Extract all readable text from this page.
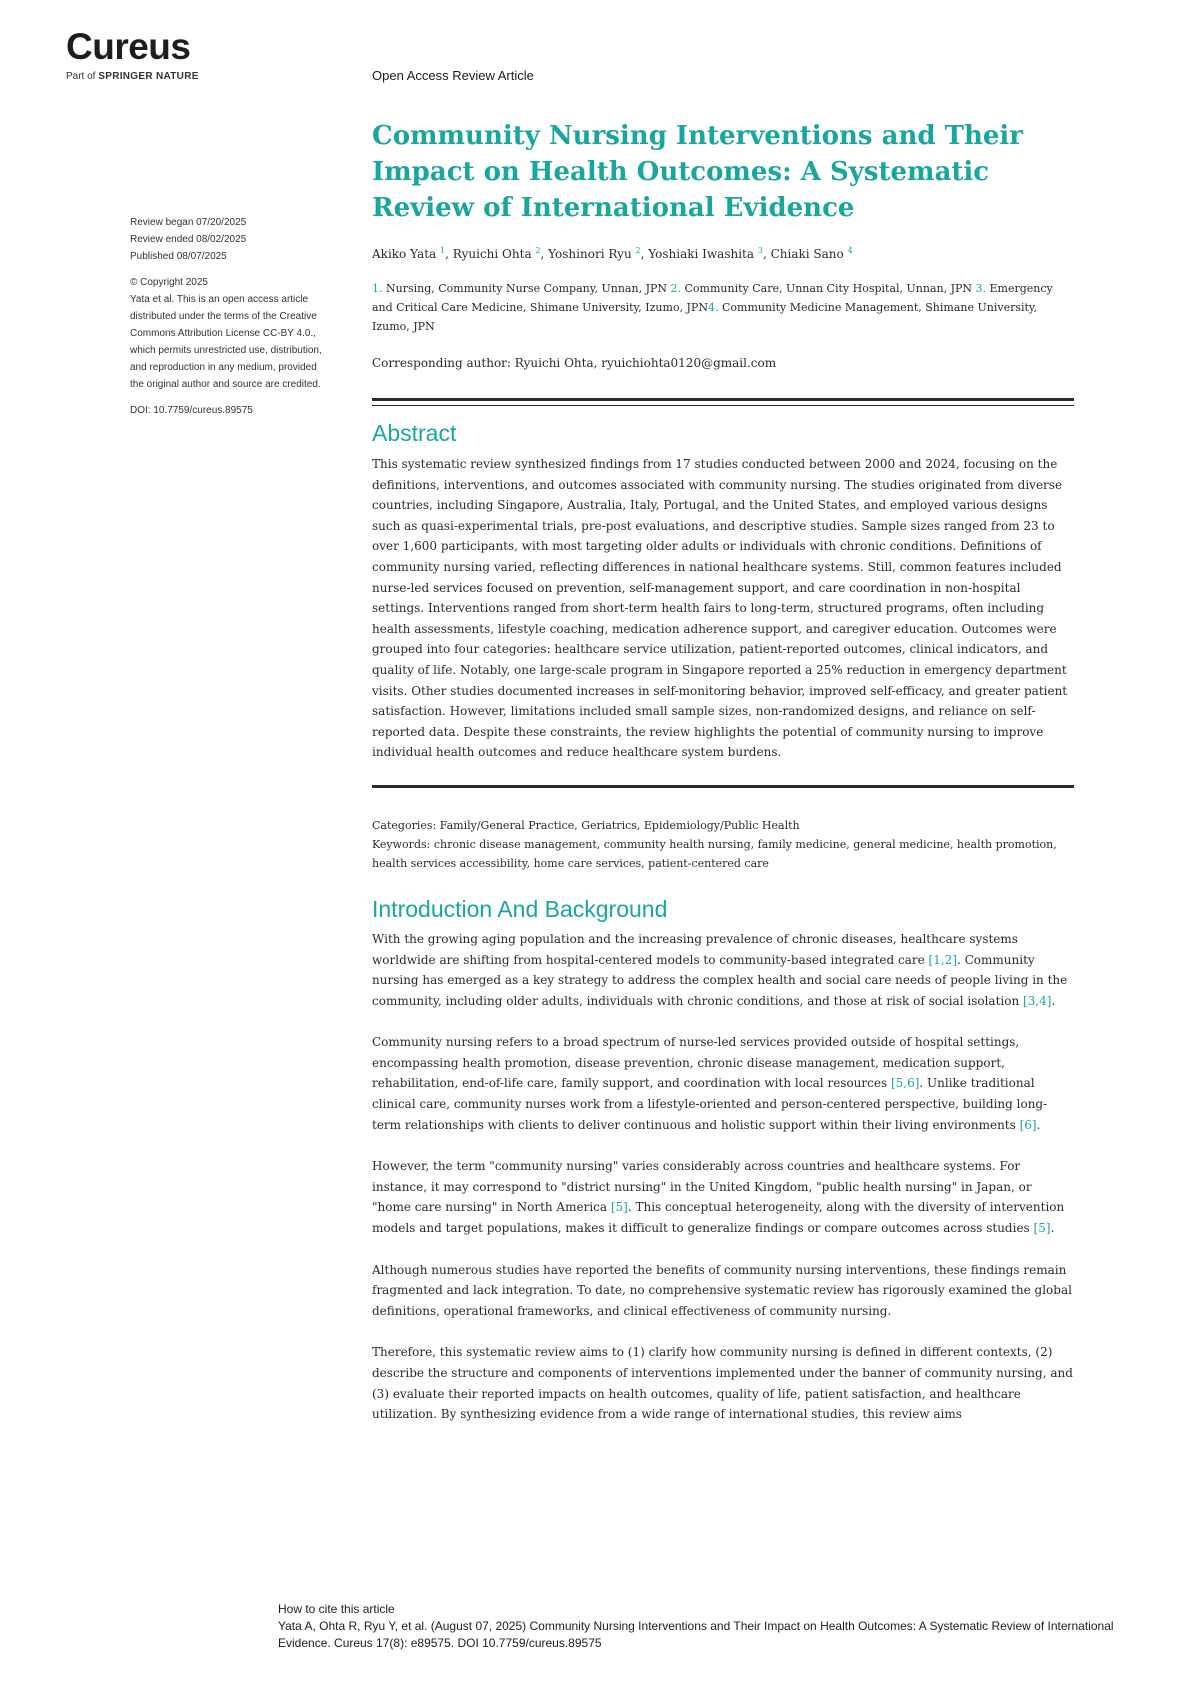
Cureus
Part of SPRINGER NATURE	Open Access Review Article

Review began 07/20/2025

Review ended 08/02/2025

Published 08/07/2025

© Copyright 2025

Yata et al. This is an open access article

distributed under the terms of the Creative

Commons Attribution License CC-BY 4.0.,

which permits unrestricted use, distribution,

and reproduction in any medium, provided

the original author and source are credited.

DOI: 10.7759/cureus.89575

Community Nursing Interventions and Their Impact on Health Outcomes: A Systematic Review of International Evidence
Akiko Yata $^1$, Ryuichi Ohta $^2$, Yoshinori Ryu $^2$, Yoshiaki Iwashita $^3$, Chiaki Sano $^4$
1. Nursing, Community Nurse Company, Unnan, JPN 2. Community Care, Unnan City Hospital, Unnan, JPN 3. Emergency and Critical Care Medicine, Shimane University, Izumo, JPN4. Community Medicine Management, Shimane University, Izumo, JPN
Corresponding author: Ryuichi Ohta, ryuichiohta0120@gmail.com
Abstract

This systematic review synthesized findings from 17 studies conducted between 2000 and 2024, focusing on the definitions, interventions, and outcomes associated with community nursing. The studies originated from diverse countries, including Singapore, Australia, Italy, Portugal, and the United States, and employed various designs such as quasi-experimental trials, pre-post evaluations, and descriptive studies. Sample sizes ranged from 23 to over 1,600 participants, with most targeting older adults or individuals with chronic conditions. Definitions of community nursing varied, reflecting differences in national healthcare systems. Still, common features included nurse-led services focused on prevention, self-management support, and care coordination in non-hospital settings. Interventions ranged from short-term health fairs to long-term, structured programs, often including health assessments, lifestyle coaching, medication adherence support, and caregiver education. Outcomes were grouped into four categories: healthcare service utilization, patient-reported outcomes, clinical indicators, and quality of life. Notably, one large-scale program in Singapore reported a 25% reduction in emergency department visits. Other studies documented increases in self-monitoring behavior, improved self-efficacy, and greater patient satisfaction. However, limitations included small sample sizes, non-randomized designs, and reliance on self-reported data. Despite these constraints, the review highlights the potential of community nursing to improve individual health outcomes and reduce healthcare system burdens.

Categories: Family/General Practice, Geriatrics, Epidemiology/Public Health
Keywords: chronic disease management, community health nursing, family medicine, general medicine, health promotion, health services accessibility, home care services, patient-centered care
Introduction And Background

With the growing aging population and the increasing prevalence of chronic diseases, healthcare systems worldwide are shifting from hospital-centered models to community-based integrated care [1,2]. Community nursing has emerged as a key strategy to address the complex health and social care needs of people living in the community, including older adults, individuals with chronic conditions, and those at risk of social isolation [3,4].

Community nursing refers to a broad spectrum of nurse-led services provided outside of hospital settings, encompassing health promotion, disease prevention, chronic disease management, medication support, rehabilitation, end-of-life care, family support, and coordination with local resources [5,6]. Unlike traditional clinical care, community nurses work from a lifestyle-oriented and person-centered perspective, building long-term relationships with clients to deliver continuous and holistic support within their living environments [6].

However, the term "community nursing" varies considerably across countries and healthcare systems. For instance, it may correspond to "district nursing" in the United Kingdom, "public health nursing" in Japan, or "home care nursing" in North America [5]. This conceptual heterogeneity, along with the diversity of intervention models and target populations, makes it difficult to generalize findings or compare outcomes across studies [5].

Although numerous studies have reported the benefits of community nursing interventions, these findings remain fragmented and lack integration. To date, no comprehensive systematic review has rigorously examined the global definitions, operational frameworks, and clinical effectiveness of community nursing.

Therefore, this systematic review aims to (1) clarify how community nursing is defined in different contexts, (2) describe the structure and components of interventions implemented under the banner of community nursing, and (3) evaluate their reported impacts on health outcomes, quality of life, patient satisfaction, and healthcare utilization. By synthesizing evidence from a wide range of international studies, this review aims

How to cite this article
Yata A, Ohta R, Ryu Y, et al. (August 07, 2025) Community Nursing Interventions and Their Impact on Health Outcomes: A Systematic Review of International Evidence. Cureus 17(8): e89575. DOI 10.7759/cureus.89575
